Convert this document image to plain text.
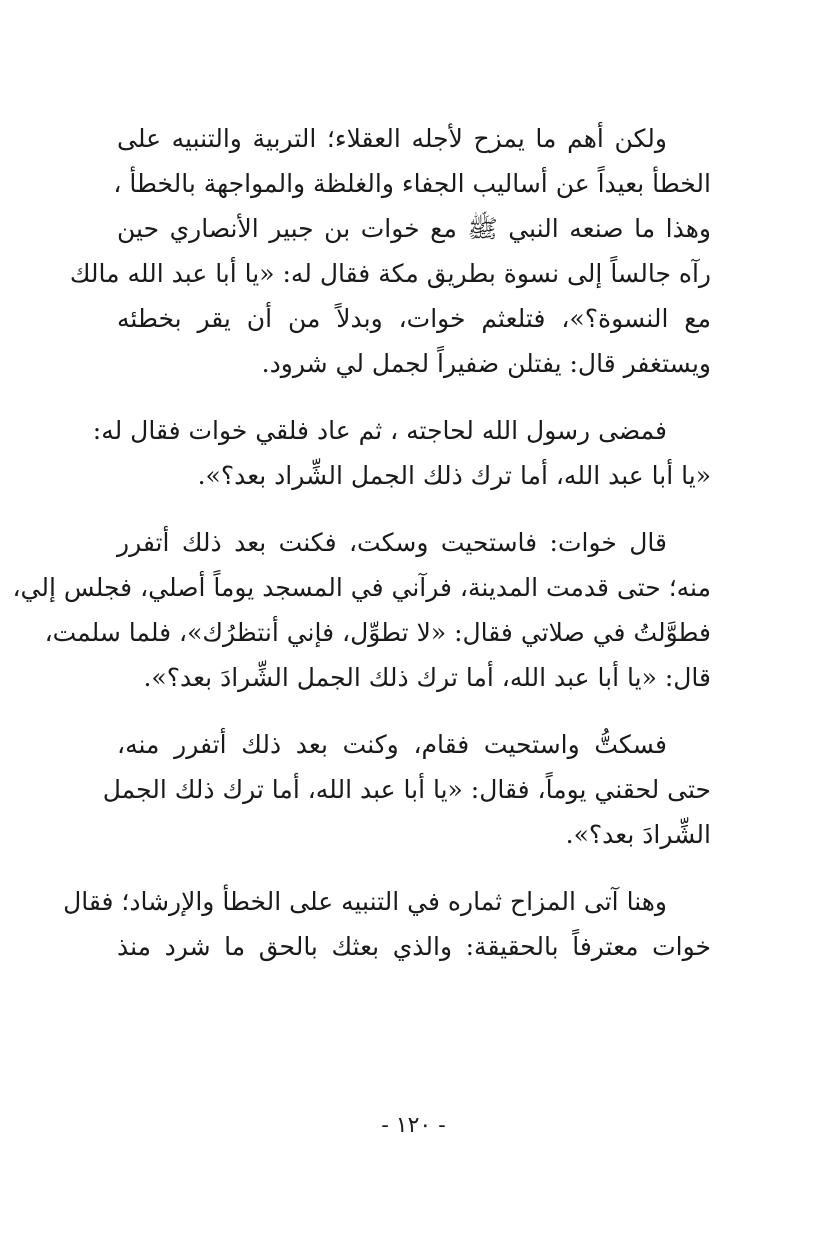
ولكن أهم ما يمزح لأجله العقلاء؛ التربية والتنبيه على
الخطأ بعيداً عن أساليب الجفاء والغلظة والمواجهة بالخطأ ،
وهذا ما صنعه النبي ﷺ مع خوات بن جبير الأنصاري حين
رآه جالساً إلى نسوة بطريق مكة فقال له: «يا أبا عبد الله مالك
مع النسوة؟»، فتلعثم خوات، وبدلاً من أن يقر بخطئه
ويستغفر قال: يفتلن ضفيراً لجمل لي شرود.
فمضى رسول الله لحاجته ، ثم عاد فلقي خوات فقال له:
«يا أبا عبد الله، أما ترك ذلك الجمل الشِّراد بعد؟».
قال خوات: فاستحيت وسكت، فكنت بعد ذلك أتفرر
منه؛ حتى قدمت المدينة، فرآني في المسجد يوماً أصلي، فجلس إلي،
فطوَّلتُ في صلاتي فقال: «لا تطوِّل، فإني أنتظرُك»، فلما سلمت،
قال: «يا أبا عبد الله، أما ترك ذلك الجمل الشِّرادَ بعد؟».
فسكتُّ واستحيت فقام، وكنت بعد ذلك أتفرر منه،
حتى لحقني يوماً، فقال: «يا أبا عبد الله، أما ترك ذلك الجمل
الشِّرادَ بعد؟».
وهنا آتى المزاح ثماره في التنبيه على الخطأ والإرشاد؛ فقال
خوات معترفاً بالحقيقة: والذي بعثك بالحق ما شرد منذ
- ١٢٠ -
